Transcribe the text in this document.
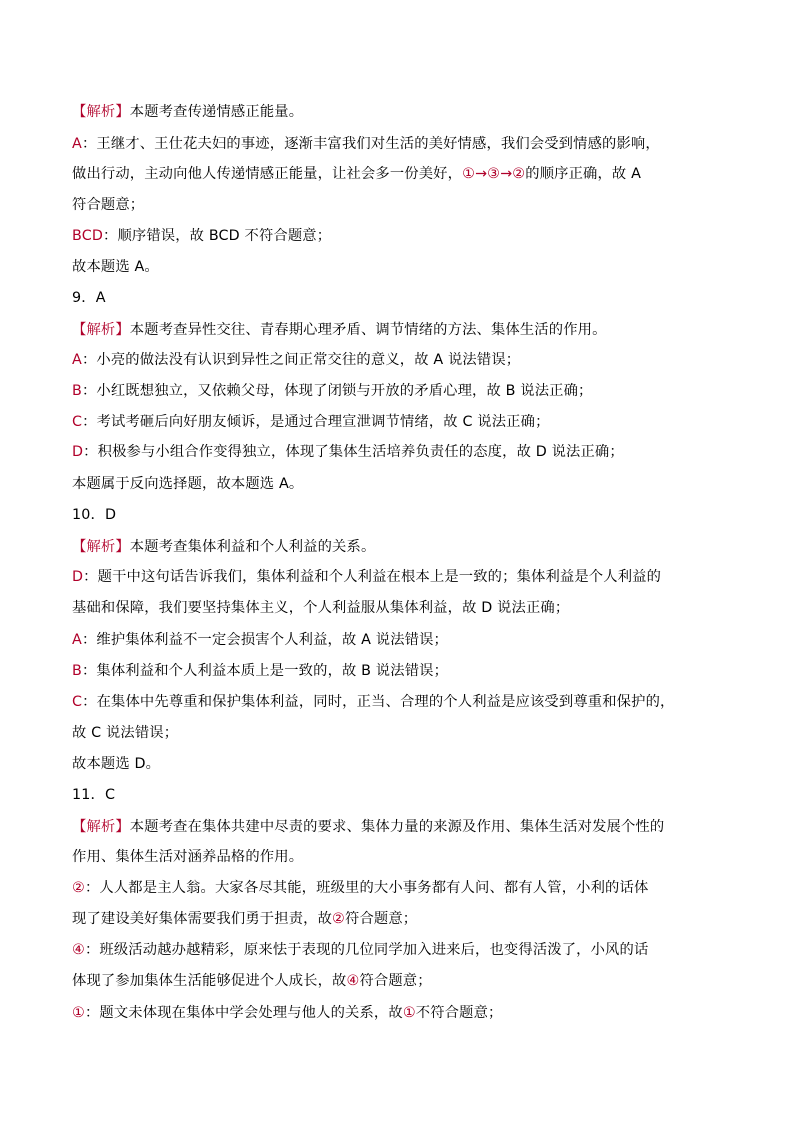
【解析】本题考查传递情感正能量。
A：王继才、王仕花夫妇的事迹，逐渐丰富我们对生活的美好情感，我们会受到情感的影响，
做出行动，主动向他人传递情感正能量，让社会多一份美好，①→③→②的顺序正确，故 A
符合题意；
BCD：顺序错误，故 BCD 不符合题意；
故本题选 A。
9．A
【解析】本题考查异性交往、青春期心理矛盾、调节情绪的方法、集体生活的作用。
A：小亮的做法没有认识到异性之间正常交往的意义，故 A 说法错误；
B：小红既想独立，又依赖父母，体现了闭锁与开放的矛盾心理，故 B 说法正确；
C：考试考砸后向好朋友倾诉，是通过合理宣泄调节情绪，故 C 说法正确；
D：积极参与小组合作变得独立，体现了集体生活培养负责任的态度，故 D 说法正确；
本题属于反向选择题，故本题选 A。
10．D
【解析】本题考查集体利益和个人利益的关系。
D：题干中这句话告诉我们，集体利益和个人利益在根本上是一致的；集体利益是个人利益的
基础和保障，我们要坚持集体主义，个人利益服从集体利益，故 D 说法正确；
A：维护集体利益不一定会损害个人利益，故 A 说法错误；
B：集体利益和个人利益本质上是一致的，故 B 说法错误；
C：在集体中先尊重和保护集体利益，同时，正当、合理的个人利益是应该受到尊重和保护的，
故 C 说法错误；
故本题选 D。
11．C
【解析】本题考查在集体共建中尽责的要求、集体力量的来源及作用、集体生活对发展个性的
作用、集体生活对涵养品格的作用。
②：人人都是主人翁。大家各尽其能，班级里的大小事务都有人问、都有人管，小利的话体
现了建设美好集体需要我们勇于担责，故②符合题意；
④：班级活动越办越精彩，原来怯于表现的几位同学加入进来后，也变得活泼了，小风的话
体现了参加集体生活能够促进个人成长，故④符合题意；
①：题文未体现在集体中学会处理与他人的关系，故①不符合题意；
